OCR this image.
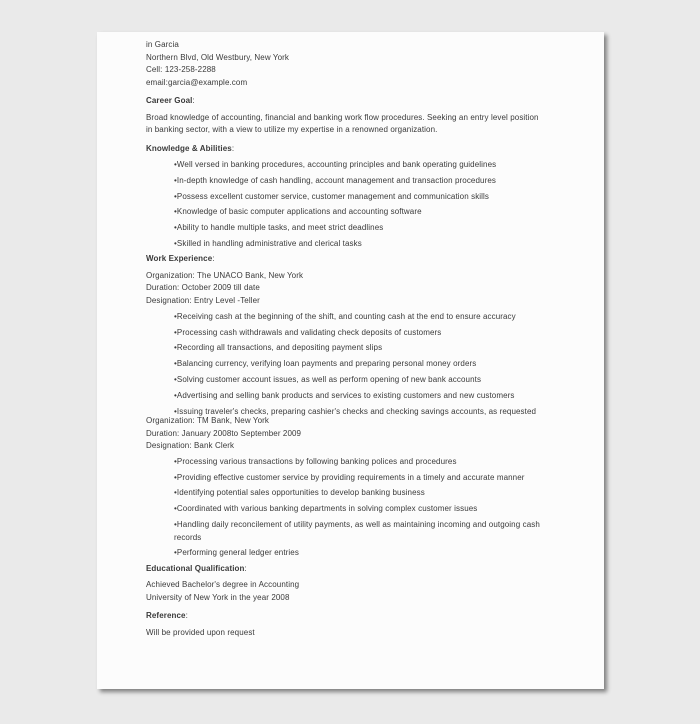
in Garcia
Northern Blvd, Old Westbury, New York
Cell: 123-258-2288
email:garcia@example.com
Career Goal:
Broad knowledge of accounting, financial and banking work flow procedures. Seeking an entry level position
in banking sector, with a view to utilize my expertise in a renowned organization.
Knowledge & Abilities:
•Well versed in banking procedures, accounting principles and bank operating guidelines
•In-depth knowledge of cash handling, account management and transaction procedures
•Possess excellent customer service, customer management and communication skills
•Knowledge of basic computer applications and accounting software
•Ability to handle multiple tasks, and meet strict deadlines
•Skilled in handling administrative and clerical tasks
Work Experience:
Organization: The UNACO Bank, New York
Duration: October 2009 till date
Designation: Entry Level -Teller
•Receiving cash at the beginning of the shift, and counting cash at the end to ensure accuracy
•Processing cash withdrawals and validating check deposits of customers
•Recording all transactions, and depositing payment slips
•Balancing currency, verifying loan payments and preparing personal money orders
•Solving customer account issues, as well as perform opening of new bank accounts
•Advertising and selling bank products and services to existing customers and new customers
•Issuing traveler's checks, preparing cashier's checks and checking savings accounts, as requested
Organization: TM Bank, New York
Duration: January 2008to September 2009
Designation: Bank Clerk
•Processing various transactions by following banking polices and procedures
•Providing effective customer service by providing requirements in a timely and accurate manner
•Identifying potential sales opportunities to develop banking business
•Coordinated with various banking departments in solving complex customer issues
•Handling daily reconcilement of utility payments, as well as maintaining incoming and outgoing cash
records
•Performing general ledger entries
Educational Qualification:
Achieved Bachelor's degree in Accounting
University of New York in the year 2008
Reference:
Will be provided upon request
